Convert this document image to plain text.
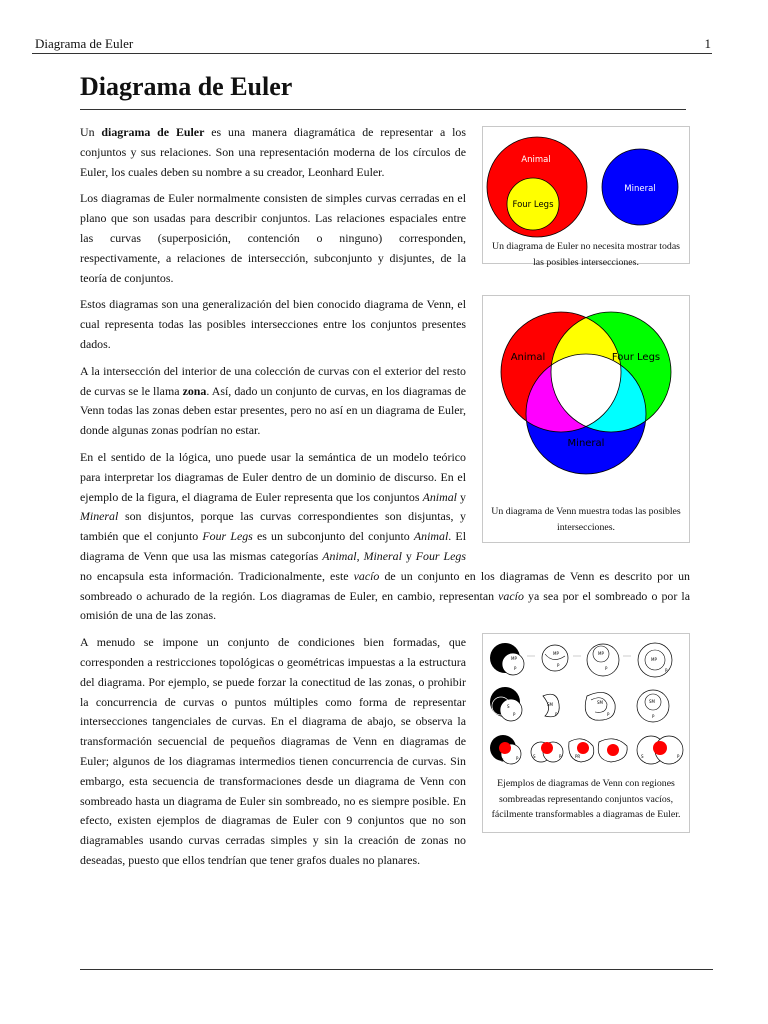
Diagrama de Euler	1
Diagrama de Euler
Animal
Four Legs
Mineral
Un diagrama de Euler no necesita mostrar todas las posibles intersecciones.

Un diagrama de Euler es una manera diagramática de representar a los conjuntos y sus relaciones. Son una representación moderna de los círculos de Euler, los cuales deben su nombre a su creador, Leonhard Euler.

Los diagramas de Euler normalmente consisten de simples curvas cerradas en el plano que son usadas para describir conjuntos. Las relaciones espaciales entre las curvas (superposición, contención o ninguno) corresponden, respectivamente, a relaciones de intersección, subconjunto y disjuntes, de la teoría de conjuntos.

Animal	Four Legs
Mineral
Un diagrama de Venn muestra todas las posibles intersecciones.

Estos diagramas son una generalización del bien conocido diagrama de Venn, el cual representa todas las posibles intersecciones entre los conjuntos presentes dados.

A la intersección del interior de una colección de curvas con el exterior del resto de curvas se le llama zona. Así, dado un conjunto de curvas, en los diagramas de Venn todas las zonas deben estar presentes, pero no así en un diagrama de Euler, donde algunas zonas podrían no estar.

En el sentido de la lógica, uno puede usar la semántica de un modelo teórico para interpretar los diagramas de Euler dentro de un dominio de discurso. En el ejemplo de la figura, el diagrama de Euler representa que los conjuntos Animal y Mineral son disjuntos, porque las curvas correspondientes son disjuntas, y también que el conjunto Four Legs es un subconjunto del conjunto Animal. El diagrama de Venn que usa las mismas categorías Animal, Mineral y Four Legs no encapsula esta información. Tradicionalmente, este vacío de un conjunto en los diagramas de Venn es descrito por un sombreado o achurado de la región. Los diagramas de Euler, en cambio, representan vacío ya sea por el sombreado o por la omisión de una de las zonas.

MP
P
MP
P
MP
P
MP
P
S
P
SM
P
SM
P
SM
P
S	P	S	P	PR	S	P
Ejemplos de diagramas de Venn con regiones sombreadas representando conjuntos vacíos, fácilmente transformables a diagramas de Euler.

A menudo se impone un conjunto de condiciones bien formadas, que corresponden a restricciones topológicas o geométricas impuestas a la estructura del diagrama. Por ejemplo, se puede forzar la conectitud de las zonas, o prohibir la concurrencia de curvas o puntos múltiples como forma de representar intersecciones tangenciales de curvas. En el diagrama de abajo, se observa la transformación secuencial de pequeños diagramas de Venn en diagramas de Euler; algunos de los diagramas intermedios tienen concurrencia de curvas. Sin embargo, esta secuencia de transformaciones desde un diagrama de Venn con sombreado hasta un diagrama de Euler sin sombreado, no es siempre posible. En efecto, existen ejemplos de diagramas de Euler con 9 conjuntos que no son diagramables usando curvas cerradas simples y sin la creación de zonas no deseadas, puesto que ellos tendrían que tener grafos duales no planares.
